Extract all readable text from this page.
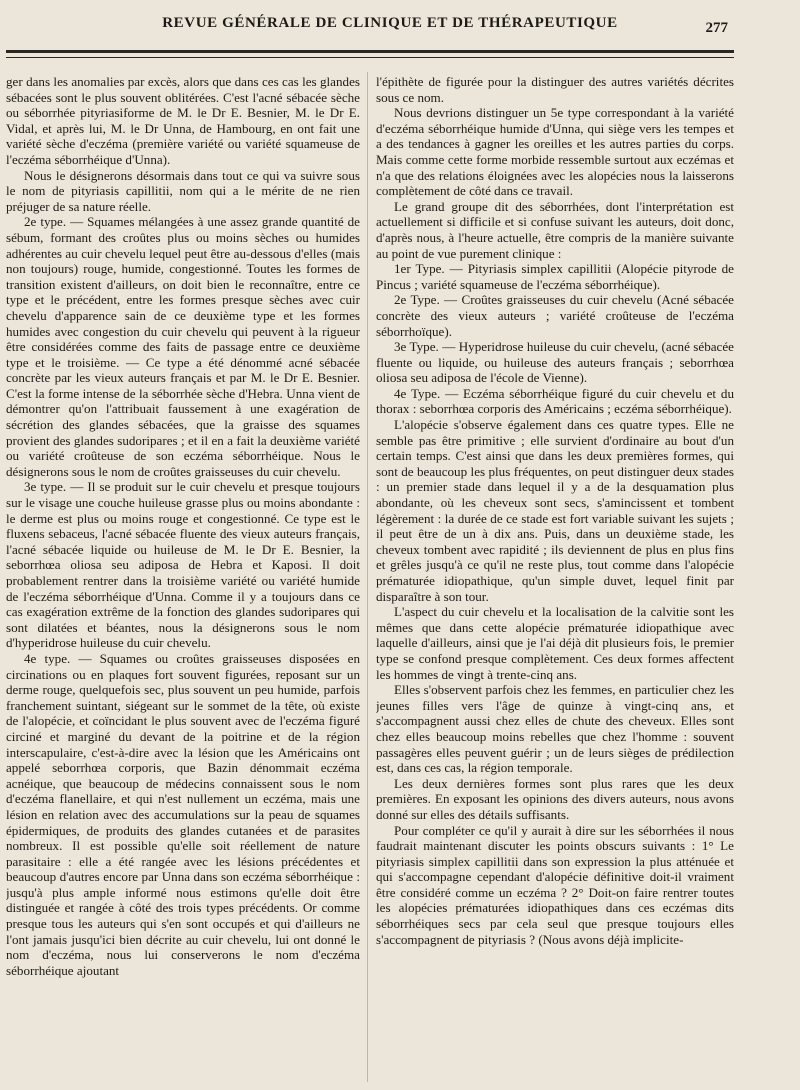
REVUE GÉNÉRALE DE CLINIQUE ET DE THÉRAPEUTIQUE	277

ger dans les anomalies par excès, alors que dans ces cas les glandes sébacées sont le plus souvent oblitérées. C'est l'acné sébacée sèche ou séborrhée pityriasiforme de M. le Dr E. Besnier, M. le Dr E. Vidal, et après lui, M. le Dr Unna, de Hambourg, en ont fait une variété sèche d'eczéma (première variété ou variété squameuse de l'eczéma séborrhéique d'Unna).

Nous le désignerons désormais dans tout ce qui va suivre sous le nom de pityriasis capillitii, nom qui a le mérite de ne rien préjuger de sa nature réelle.

2e type. — Squames mélangées à une assez grande quantité de sébum, formant des croûtes plus ou moins sèches ou humides adhérentes au cuir chevelu lequel peut être au-dessous d'elles (mais non toujours) rouge, humide, congestionné. Toutes les formes de transition existent d'ailleurs, on doit bien le reconnaître, entre ce type et le précédent, entre les formes presque sèches avec cuir chevelu d'apparence sain de ce deuxième type et les formes humides avec congestion du cuir chevelu qui peuvent à la rigueur être considérées comme des faits de passage entre ce deuxième type et le troisième. — Ce type a été dénommé acné sébacée concrète par les vieux auteurs français et par M. le Dr E. Besnier. C'est la forme intense de la séborrhée sèche d'Hebra. Unna vient de démontrer qu'on l'attribuait faussement à une exagération de sécrétion des glandes sébacées, que la graisse des squames provient des glandes sudoripares ; et il en a fait la deuxième variété ou variété croûteuse de son eczéma séborrhéique. Nous le désignerons sous le nom de croûtes graisseuses du cuir chevelu.

3e type. — Il se produit sur le cuir chevelu et presque toujours sur le visage une couche huileuse grasse plus ou moins abondante : le derme est plus ou moins rouge et congestionné. Ce type est le fluxens sebaceus, l'acné sébacée fluente des vieux auteurs français, l'acné sébacée liquide ou huileuse de M. le Dr E. Besnier, la seborrhœa oliosa seu adiposa de Hebra et Kaposi. Il doit probablement rentrer dans la troisième variété ou variété humide de l'eczéma séborrhéique d'Unna. Comme il y a toujours dans ce cas exagération extrême de la fonction des glandes sudoripares qui sont dilatées et béantes, nous la désignerons sous le nom d'hyperidrose huileuse du cuir chevelu.

4e type. — Squames ou croûtes graisseuses disposées en circinations ou en plaques fort souvent figurées, reposant sur un derme rouge, quelquefois sec, plus souvent un peu humide, parfois franchement suintant, siégeant sur le sommet de la tête, où existe de l'alopécie, et coïncidant le plus souvent avec de l'eczéma figuré circiné et marginé du devant de la poitrine et de la région interscapulaire, c'est-à-dire avec la lésion que les Américains ont appelé seborrhœa corporis, que Bazin dénommait eczéma acnéique, que beaucoup de médecins connaissent sous le nom d'eczéma flanellaire, et qui n'est nullement un eczéma, mais une lésion en relation avec des accumulations sur la peau de squames épidermiques, de produits des glandes cutanées et de parasites nombreux. Il est possible qu'elle soit réellement de nature parasitaire : elle a été rangée avec les lésions précédentes et beaucoup d'autres encore par Unna dans son eczéma séborrhéique : jusqu'à plus ample informé nous estimons qu'elle doit être distinguée et rangée à côté des trois types précédents. Or comme presque tous les auteurs qui s'en sont occupés et qui d'ailleurs ne l'ont jamais jusqu'ici bien décrite au cuir chevelu, lui ont donné le nom d'eczéma, nous lui conserverons le nom d'eczéma séborrhéique ajoutant

l'épithète de figurée pour la distinguer des autres variétés décrites sous ce nom.

Nous devrions distinguer un 5e type correspondant à la variété d'eczéma séborrhéique humide d'Unna, qui siège vers les tempes et a des tendances à gagner les oreilles et les autres parties du corps. Mais comme cette forme morbide ressemble surtout aux eczémas et n'a que des relations éloignées avec les alopécies nous la laisserons complètement de côté dans ce travail.

Le grand groupe dit des séborrhées, dont l'interprétation est actuellement si difficile et si confuse suivant les auteurs, doit donc, d'après nous, à l'heure actuelle, être compris de la manière suivante au point de vue purement clinique :

1er Type. — Pityriasis simplex capillitii (Alopécie pityrode de Pincus ; variété squameuse de l'eczéma séborrhéique).

2e Type. — Croûtes graisseuses du cuir chevelu (Acné sébacée concrète des vieux auteurs ; variété croûteuse de l'eczéma séborrhoïque).

3e Type. — Hyperidrose huileuse du cuir chevelu, (acné sébacée fluente ou liquide, ou huileuse des auteurs français ; seborrhœa oliosa seu adiposa de l'école de Vienne).

4e Type. — Eczéma séborrhéique figuré du cuir chevelu et du thorax : seborrhœa corporis des Américains ; eczéma séborrhéique).

L'alopécie s'observe également dans ces quatre types. Elle ne semble pas être primitive ; elle survient d'ordinaire au bout d'un certain temps. C'est ainsi que dans les deux premières formes, qui sont de beaucoup les plus fréquentes, on peut distinguer deux stades : un premier stade dans lequel il y a de la desquamation plus abondante, où les cheveux sont secs, s'amincissent et tombent légèrement : la durée de ce stade est fort variable suivant les sujets ; il peut être de un à dix ans. Puis, dans un deuxième stade, les cheveux tombent avec rapidité ; ils deviennent de plus en plus fins et grêles jusqu'à ce qu'il ne reste plus, tout comme dans l'alopécie prématurée idiopathique, qu'un simple duvet, lequel finit par disparaître à son tour.

L'aspect du cuir chevelu et la localisation de la calvitie sont les mêmes que dans cette alopécie prématurée idiopathique avec laquelle d'ailleurs, ainsi que je l'ai déjà dit plusieurs fois, le premier type se confond presque complètement. Ces deux formes affectent les hommes de vingt à trente-cinq ans.

Elles s'observent parfois chez les femmes, en particulier chez les jeunes filles vers l'âge de quinze à vingt-cinq ans, et s'accompagnent aussi chez elles de chute des cheveux. Elles sont chez elles beaucoup moins rebelles que chez l'homme : souvent passagères elles peuvent guérir ; un de leurs sièges de prédilection est, dans ces cas, la région temporale.

Les deux dernières formes sont plus rares que les deux premières. En exposant les opinions des divers auteurs, nous avons donné sur elles des détails suffisants.

Pour compléter ce qu'il y aurait à dire sur les séborrhées il nous faudrait maintenant discuter les points obscurs suivants : 1° Le pityriasis simplex capillitii dans son expression la plus atténuée et qui s'accompagne cependant d'alopécie définitive doit-il vraiment être considéré comme un eczéma ? 2° Doit-on faire rentrer toutes les alopécies prématurées idiopathiques dans ces eczémas dits séborrhéiques secs par cela seul que presque toujours elles s'accompagnent de pityriasis ? (Nous avons déjà implicite-
